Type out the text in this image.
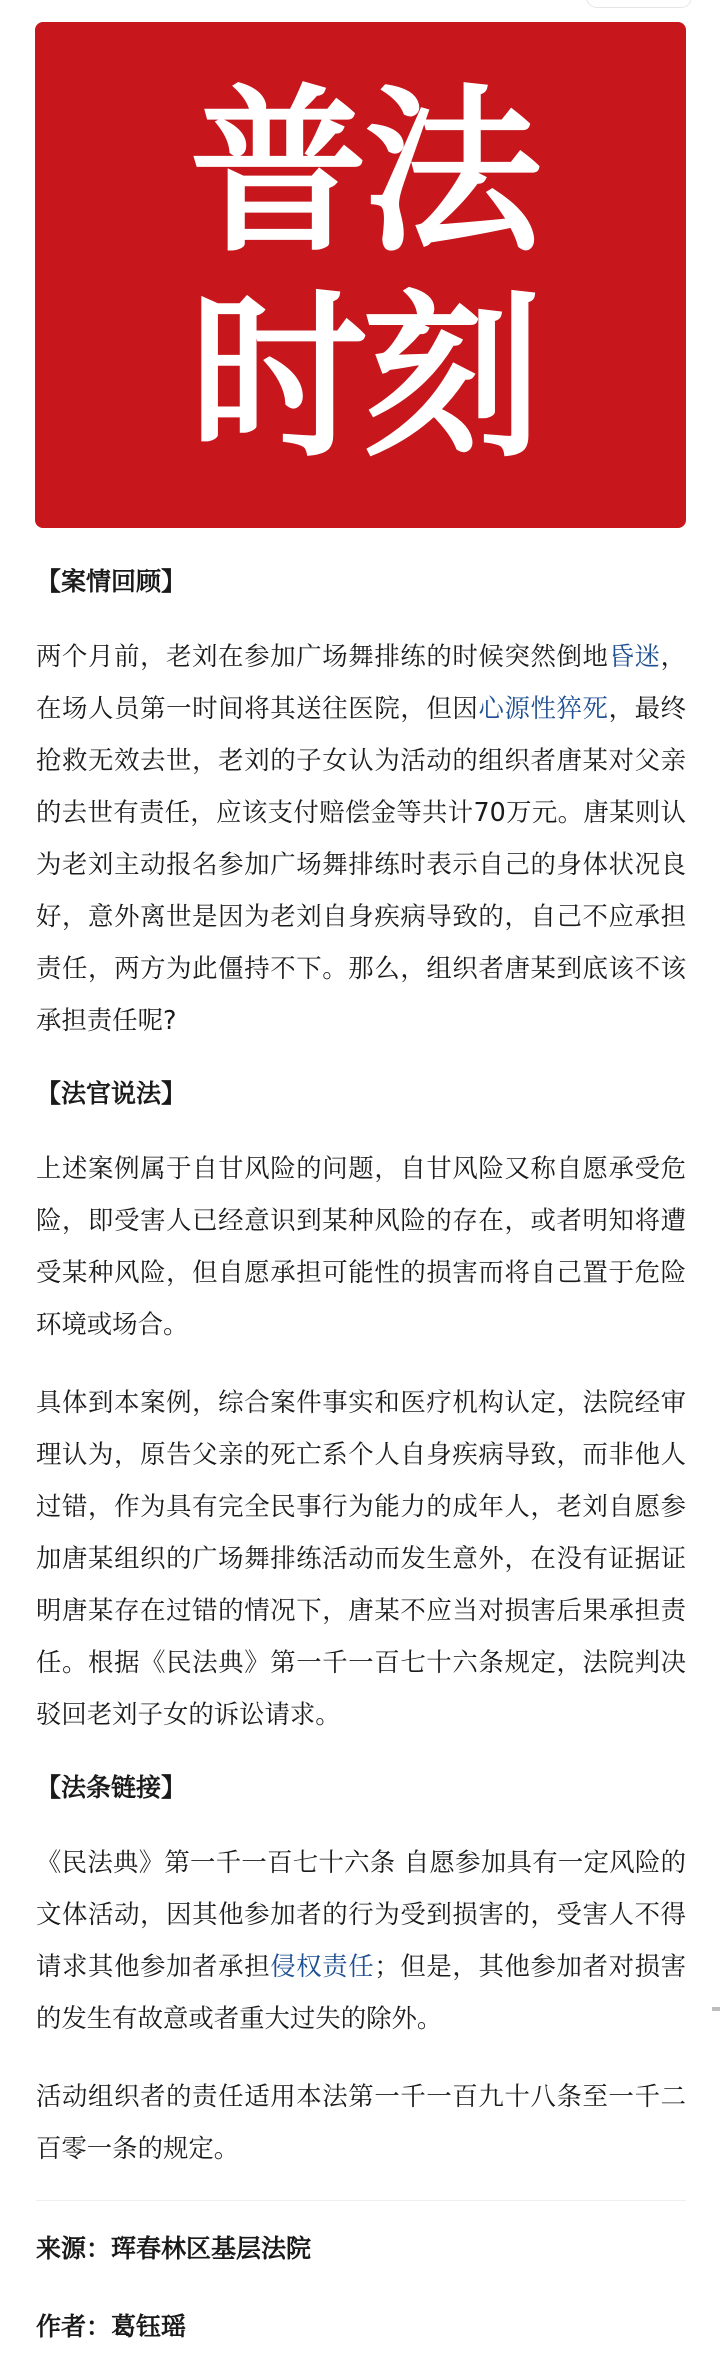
普法
时刻
【案情回顾】

两个月前，老刘在参加广场舞排练的时候突然倒地昏迷，在场人员第一时间将其送往医院，但因心源性猝死，最终抢救无效去世，老刘的子女认为活动的组织者唐某对父亲的去世有责任，应该支付赔偿金等共计70万元。唐某则认为老刘主动报名参加广场舞排练时表示自己的身体状况良好，意外离世是因为老刘自身疾病导致的，自己不应承担责任，两方为此僵持不下。那么，组织者唐某到底该不该承担责任呢?

【法官说法】

上述案例属于自甘风险的问题，自甘风险又称自愿承受危险，即受害人已经意识到某种风险的存在，或者明知将遭受某种风险，但自愿承担可能性的损害而将自己置于危险环境或场合。

具体到本案例，综合案件事实和医疗机构认定，法院经审理认为，原告父亲的死亡系个人自身疾病导致，而非他人过错，作为具有完全民事行为能力的成年人，老刘自愿参加唐某组织的广场舞排练活动而发生意外，在没有证据证明唐某存在过错的情况下，唐某不应当对损害后果承担责任。根据《民法典》第一千一百七十六条规定，法院判决驳回老刘子女的诉讼请求。

【法条链接】

《民法典》第一千一百七十六条 自愿参加具有一定风险的文体活动，因其他参加者的行为受到损害的，受害人不得请求其他参加者承担侵权责任；但是，其他参加者对损害的发生有故意或者重大过失的除外。

活动组织者的责任适用本法第一千一百九十八条至一千二百零一条的规定。

来源：珲春林区基层法院
作者：葛钰瑶
